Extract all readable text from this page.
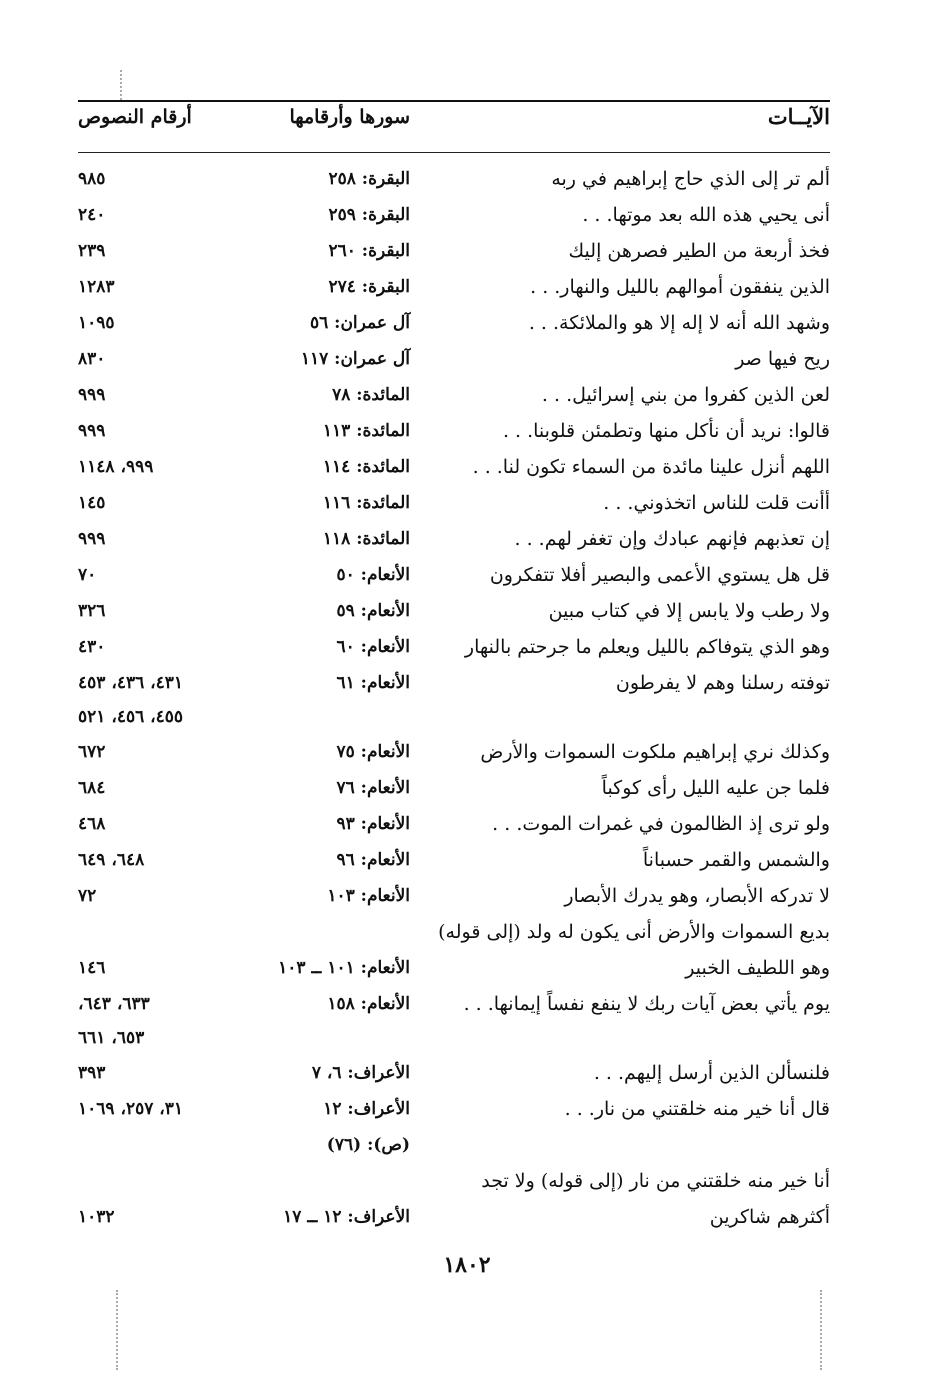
الآيــات
سورها وأرقامها
أرقام النصوص
ألم تر إلى الذي حاج إبراهيم في ربه
البقرة: ٢٥٨
٩٨٥
أنى يحيي هذه الله بعد موتها. . .
البقرة: ٢٥٩
٢٤٠
فخذ أربعة من الطير فصرهن إليك
البقرة: ٢٦٠
٢٣٩
الذين ينفقون أموالهم بالليل والنهار. . .
البقرة: ٢٧٤
١٢٨٣
وشهد الله أنه لا إله إلا هو والملائكة. . .
آل عمران: ٥٦
١٠٩٥
ريح فيها صر
آل عمران: ١١٧
٨٣٠
لعن الذين كفروا من بني إسرائيل. . .
المائدة: ٧٨
٩٩٩
قالوا: نريد أن نأكل منها وتطمئن قلوبنا. . .
المائدة: ١١٣
٩٩٩
اللهم أنزل علينا مائدة من السماء تكون لنا. . .
المائدة: ١١٤
٩٩٩، ١١٤٨
أأنت قلت للناس اتخذوني. . .
المائدة: ١١٦
١٤٥
إن تعذبهم فإنهم عبادك وإن تغفر لهم. . .
المائدة: ١١٨
٩٩٩
قل هل يستوي الأعمى والبصير أفلا تتفكرون
الأنعام: ٥٠
٧٠
ولا رطب ولا يابس إلا في كتاب مبين
الأنعام: ٥٩
٣٢٦
وهو الذي يتوفاكم بالليل ويعلم ما جرحتم بالنهار
الأنعام: ٦٠
٤٣٠
توفته رسلنا وهم لا يفرطون
الأنعام: ٦١
٤٣١، ٤٣٦، ٤٥٣
٤٥٥، ٤٥٦، ٥٢١
وكذلك نري إبراهيم ملكوت السموات والأرض
الأنعام: ٧٥
٦٧٢
فلما جن عليه الليل رأى كوكباً
الأنعام: ٧٦
٦٨٤
ولو ترى إذ الظالمون في غمرات الموت. . .
الأنعام: ٩٣
٤٦٨
والشمس والقمر حسباناً
الأنعام: ٩٦
٦٤٨، ٦٤٩
لا تدركه الأبصار، وهو يدرك الأبصار
الأنعام: ١٠٣
٧٢
بديع السموات والأرض أنى يكون له ولد (إلى قوله)
وهو اللطيف الخبير
الأنعام: ١٠١ ــ ١٠٣
١٤٦
يوم يأتي بعض آيات ربك لا ينفع نفساً إيمانها. . .
الأنعام: ١٥٨
٦٣٣، ٦٤٣،
٦٥٣، ٦٦١
فلنسألن الذين أرسل إليهم. . .
الأعراف: ٦، ٧
٣٩٣
قال أنا خير منه خلقتني من نار. . .
الأعراف: ١٢
٣١، ٢٥٧، ١٠٦٩
(ص): (٧٦)
أنا خير منه خلقتني من نار (إلى قوله) ولا تجد
أكثرهم شاكرين
الأعراف: ١٢ ــ ١٧
١٠٣٢
١٨٠٢
